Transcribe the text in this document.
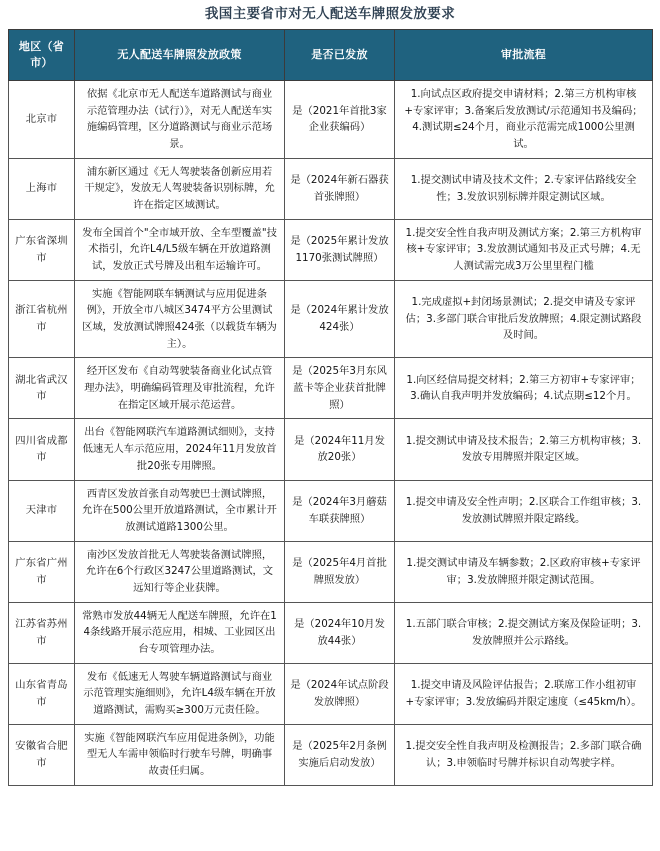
我国主要省市对无人配送车牌照发放要求
地区（省市）	无人配送车牌照发放政策	是否已发放	审批流程
北京市	依据《北京市无人配送车道路测试与商业示范管理办法（试行）》，对无人配送车实施编码管理，区分道路测试与商业示范场景。	是（2021年首批3家企业获编码）	1.向试点区政府提交申请材料；2.第三方机构审核+专家评审；3.备案后发放测试/示范通知书及编码；4.测试期≤24个月，商业示范需完成1000公里测试。
上海市	浦东新区通过《无人驾驶装备创新应用若干规定》，发放无人驾驶装备识别标牌，允许在指定区域测试。	是（2024年新石器获首张牌照）	1.提交测试申请及技术文件；2.专家评估路线安全性；3.发放识别标牌并限定测试区域。
广东省深圳市	发布全国首个"全市域开放、全车型覆盖"技术指引，允许L4/L5级车辆在开放道路测试，发放正式号牌及出租车运输许可。	是（2025年累计发放1170张测试牌照）	1.提交安全性自我声明及测试方案；2.第三方机构审核+专家评审；3.发放测试通知书及正式号牌；4.无人测试需完成3万公里里程门槛
浙江省杭州市	实施《智能网联车辆测试与应用促进条例》，开放全市八城区3474平方公里测试区域，发放测试牌照424张（以载货车辆为主）。	是（2024年累计发放424张）	1.完成虚拟+封闭场景测试；2.提交申请及专家评估；3.多部门联合审批后发放牌照；4.限定测试路段及时间。
湖北省武汉市	经开区发布《自动驾驶装备商业化试点管理办法》，明确编码管理及审批流程，允许在指定区域开展示范运营。	是（2025年3月东风蓝卡等企业获首批牌照）	1.向区经信局提交材料；2.第三方初审+专家评审；3.确认自我声明并发放编码；4.试点期≤12个月。
四川省成都市	出台《智能网联汽车道路测试细则》，支持低速无人车示范应用，2024年11月发放首批20张专用牌照。	是（2024年11月发放20张）	1.提交测试申请及技术报告；2.第三方机构审核；3.发放专用牌照并限定区域。
天津市	西青区发放首张自动驾驶巴士测试牌照，允许在500公里开放道路测试，全市累计开放测试道路1300公里。	是（2024年3月蘑菇车联获牌照）	1.提交申请及安全性声明；2.区联合工作组审核；3.发放测试牌照并限定路线。
广东省广州市	南沙区发放首批无人驾驶装备测试牌照，允许在6个行政区3247公里道路测试，文远知行等企业获牌。	是（2025年4月首批牌照发放）	1.提交测试申请及车辆参数；2.区政府审核+专家评审；3.发放牌照并限定测试范围。
江苏省苏州市	常熟市发放44辆无人配送车牌照，允许在14条线路开展示范应用，相城、工业园区出台专项管理办法。	是（2024年10月发放44张）	1.五部门联合审核；2.提交测试方案及保险证明；3.发放牌照并公示路线。
山东省青岛市	发布《低速无人驾驶车辆道路测试与商业示范管理实施细则》，允许L4级车辆在开放道路测试，需购买≥300万元责任险。	是（2024年试点阶段发放牌照）	1.提交申请及风险评估报告；2.联席工作小组初审+专家评审；3.发放编码并限定速度（≤45km/h）。
安徽省合肥市	实施《智能网联汽车应用促进条例》，功能型无人车需申领临时行驶车号牌，明确事故责任归属。	是（2025年2月条例实施后启动发放）	1.提交安全性自我声明及检测报告；2.多部门联合确认；3.申领临时号牌并标识自动驾驶字样。
